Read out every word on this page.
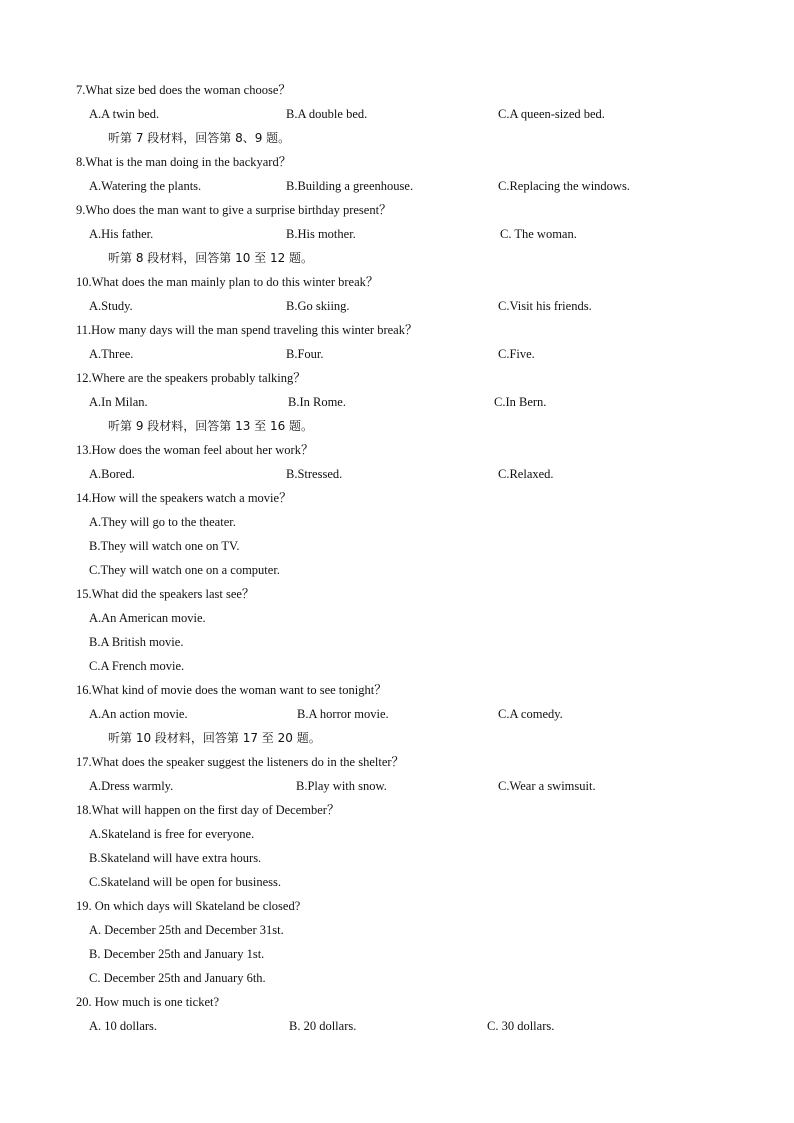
7.What size bed does the woman choose？
A.A twin bed.	B.A double bed.	C.A queen-sized bed.
听第 7 段材料，回答第 8、9 题。
8.What is the man doing in the backyard？
A.Watering the plants.	B.Building a greenhouse.	C.Replacing the windows.
9.Who does the man want to give a surprise birthday present？
A.His father.	B.His mother.	C. The woman.
听第 8 段材料，回答第 10 至 12 题。
10.What does the man mainly plan to do this winter break？
A.Study.	B.Go skiing.	C.Visit his friends.
11.How many days will the man spend traveling this winter break？
A.Three.	B.Four.	C.Five.
12.Where are the speakers probably talking？
A.In Milan.	B.In Rome.	C.In Bern.
听第 9 段材料，回答第 13 至 16 题。
13.How does the woman feel about her work？
A.Bored.	B.Stressed.	C.Relaxed.
14.How will the speakers watch a movie？
A.They will go to the theater.
B.They will watch one on TV.
C.They will watch one on a computer.
15.What did the speakers last see？
A.An American movie.
B.A British movie.
C.A French movie.
16.What kind of movie does the woman want to see tonight？
A.An action movie.	B.A horror movie.	C.A comedy.
听第 10 段材料，回答第 17 至 20 题。
17.What does the speaker suggest the listeners do in the shelter？
A.Dress warmly.	B.Play with snow.	C.Wear a swimsuit.
18.What will happen on the first day of December？
A.Skateland is free for everyone.
B.Skateland will have extra hours.
C.Skateland will be open for business.
19. On which days will Skateland be closed?
A. December 25th and December 31st.
B. December 25th and January 1st.
C. December 25th and January 6th.
20. How much is one ticket?
A. 10 dollars.	B. 20 dollars.	C. 30 dollars.
